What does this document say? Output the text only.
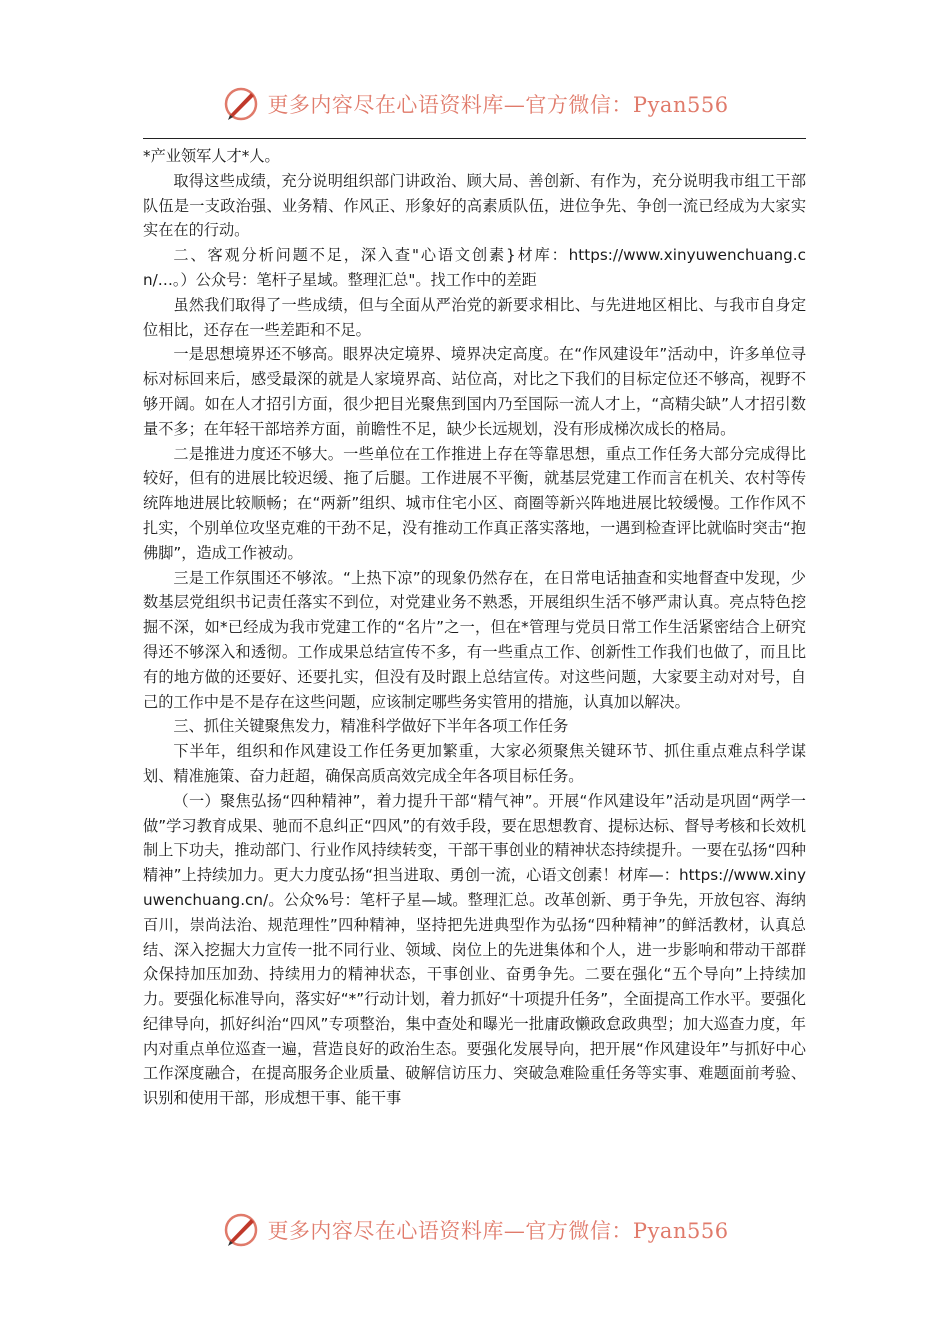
更多内容尽在心语资料库—官方微信：Pyan556

*产业领军人才*人。

取得这些成绩，充分说明组织部门讲政治、顾大局、善创新、有作为，充分说明我市组工干部队伍是一支政治强、业务精、作风正、形象好的高素质队伍，进位争先、争创一流已经成为大家实实在在的行动。

二、客观分析问题不足，深入查"心语文创素}材库：https://www.xinyuwenchuang.cn/…。）公众号：笔杆子星域。整理汇总"。找工作中的差距

虽然我们取得了一些成绩，但与全面从严治党的新要求相比、与先进地区相比、与我市自身定位相比，还存在一些差距和不足。

一是思想境界还不够高。眼界决定境界、境界决定高度。在“作风建设年”活动中，许多单位寻标对标回来后，感受最深的就是人家境界高、站位高，对比之下我们的目标定位还不够高，视野不够开阔。如在人才招引方面，很少把目光聚焦到国内乃至国际一流人才上，“高精尖缺”人才招引数量不多；在年轻干部培养方面，前瞻性不足，缺少长远规划，没有形成梯次成长的格局。

二是推进力度还不够大。一些单位在工作推进上存在等靠思想，重点工作任务大部分完成得比较好，但有的进展比较迟缓、拖了后腿。工作进展不平衡，就基层党建工作而言在机关、农村等传统阵地进展比较顺畅；在“两新”组织、城市住宅小区、商圈等新兴阵地进展比较缓慢。工作作风不扎实，个别单位攻坚克难的干劲不足，没有推动工作真正落实落地，一遇到检查评比就临时突击“抱佛脚”，造成工作被动。

三是工作氛围还不够浓。“上热下凉”的现象仍然存在，在日常电话抽查和实地督查中发现，少数基层党组织书记责任落实不到位，对党建业务不熟悉，开展组织生活不够严肃认真。亮点特色挖掘不深，如*已经成为我市党建工作的“名片”之一，但在*管理与党员日常工作生活紧密结合上研究得还不够深入和透彻。工作成果总结宣传不多，有一些重点工作、创新性工作我们也做了，而且比有的地方做的还要好、还要扎实，但没有及时跟上总结宣传。对这些问题，大家要主动对对号，自己的工作中是不是存在这些问题，应该制定哪些务实管用的措施，认真加以解决。

三、抓住关键聚焦发力，精准科学做好下半年各项工作任务

下半年，组织和作风建设工作任务更加繁重，大家必须聚焦关键环节、抓住重点难点科学谋划、精准施策、奋力赶超，确保高质高效完成全年各项目标任务。

（一）聚焦弘扬“四种精神”，着力提升干部“精气神”。开展“作风建设年”活动是巩固“两学一做”学习教育成果、驰而不息纠正“四风”的有效手段，要在思想教育、提标达标、督导考核和长效机制上下功夫，推动部门、行业作风持续转变，干部干事创业的精神状态持续提升。一要在弘扬“四种精神”上持续加力。更大力度弘扬“担当进取、勇创一流，心语文创素！材库—：https://www.xinyuwenchuang.cn/。公众%号：笔杆子星—域。整理汇总。改革创新、勇于争先，开放包容、海纳百川，崇尚法治、规范理性”四种精神，坚持把先进典型作为弘扬“四种精神”的鲜活教材，认真总结、深入挖掘大力宣传一批不同行业、领域、岗位上的先进集体和个人，进一步影响和带动干部群众保持加压加劲、持续用力的精神状态，干事创业、奋勇争先。二要在强化“五个导向”上持续加力。要强化标准导向，落实好“*”行动计划，着力抓好“十项提升任务”，全面提高工作水平。要强化纪律导向，抓好纠治“四风”专项整治，集中查处和曝光一批庸政懒政怠政典型；加大巡查力度，年内对重点单位巡查一遍，营造良好的政治生态。要强化发展导向，把开展“作风建设年”与抓好中心工作深度融合，在提高服务企业质量、破解信访压力、突破急难险重任务等实事、难题面前考验、识别和使用干部，形成想干事、能干事

更多内容尽在心语资料库—官方微信：Pyan556
